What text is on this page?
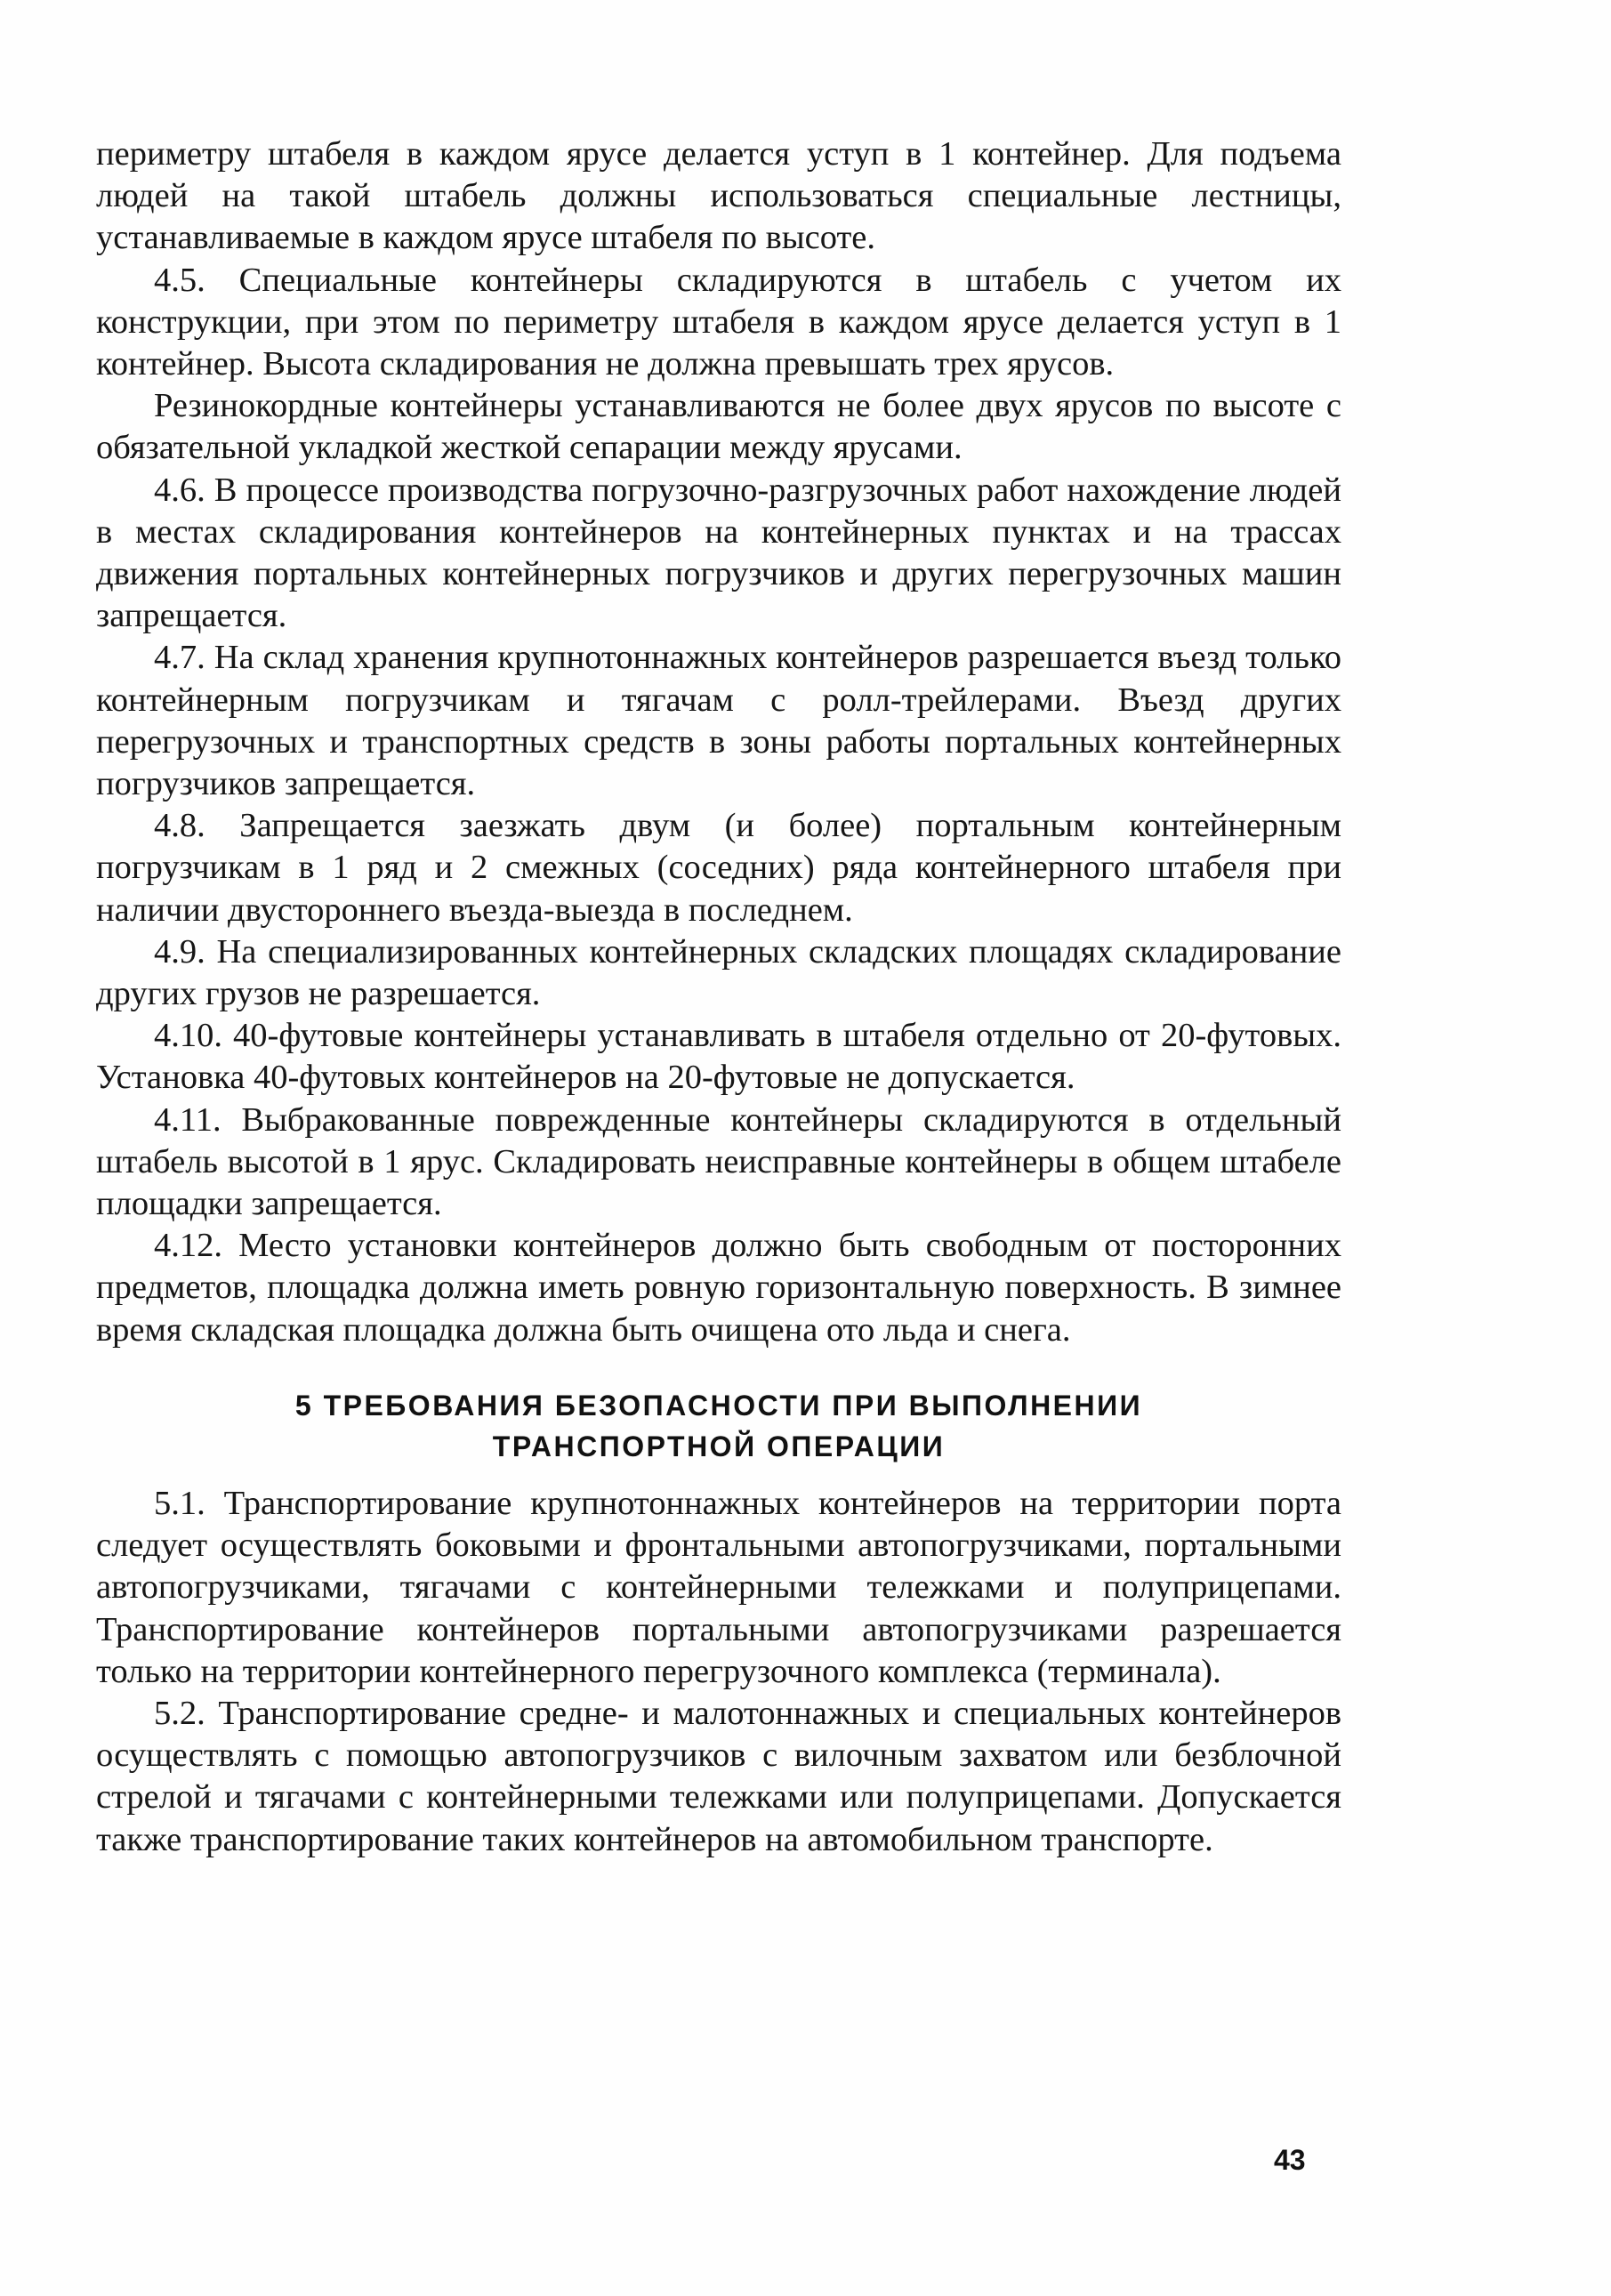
периметру штабеля в каждом ярусе делается уступ в 1 контейнер. Для подъема людей на такой штабель должны использоваться специальные лестницы, устанавливаемые в каждом ярусе штабеля по высоте.

4.5. Специальные контейнеры складируются в штабель с учетом их конструкции, при этом по периметру штабеля в каждом ярусе делается уступ в 1 контейнер. Высота складирования не должна превышать трех ярусов.

Резинокордные контейнеры устанавливаются не более двух ярусов по высоте с обязательной укладкой жесткой сепарации между ярусами.

4.6. В процессе производства погрузочно-разгрузочных работ нахождение людей в местах складирования контейнеров на контейнерных пунктах и на трассах движения портальных контейнерных погрузчиков и других перегрузочных машин запрещается.

4.7. На склад хранения крупнотоннажных контейнеров разрешается въезд только контейнерным погрузчикам и тягачам с ролл-трейлерами. Въезд других перегрузочных и транспортных средств в зоны работы портальных контейнерных погрузчиков запрещается.

4.8. Запрещается заезжать двум (и более) портальным контейнерным погрузчикам в 1 ряд и 2 смежных (соседних) ряда контейнерного штабеля при наличии двустороннего въезда-выезда в последнем.

4.9. На специализированных контейнерных складских площадях складирование других грузов не разрешается.

4.10. 40-футовые контейнеры устанавливать в штабеля отдельно от 20-футовых. Установка 40-футовых контейнеров на 20-футовые не допускается.

4.11. Выбракованные поврежденные контейнеры складируются в отдельный штабель высотой в 1 ярус. Складировать неисправные контейнеры в общем штабеле площадки запрещается.

4.12. Место установки контейнеров должно быть свободным от посторонних предметов, площадка должна иметь ровную горизонтальную поверхность. В зимнее время складская площадка должна быть очищена ото льда и снега.

5 ТРЕБОВАНИЯ БЕЗОПАСНОСТИ ПРИ ВЫПОЛНЕНИИ
ТРАНСПОРТНОЙ ОПЕРАЦИИ

5.1. Транспортирование крупнотоннажных контейнеров на территории порта следует осуществлять боковыми и фронтальными автопогрузчиками, портальными автопогрузчиками, тягачами с контейнерными тележками и полуприцепами. Транспортирование контейнеров портальными автопогрузчиками разрешается только на территории контейнерного перегрузочного комплекса (терминала).

5.2. Транспортирование средне- и малотоннажных и специальных контейнеров осуществлять с помощью автопогрузчиков с вилочным захватом или безблочной стрелой и тягачами с контейнерными тележками или полуприцепами. Допускается также транспортирование таких контейнеров на автомобильном транспорте.

43
